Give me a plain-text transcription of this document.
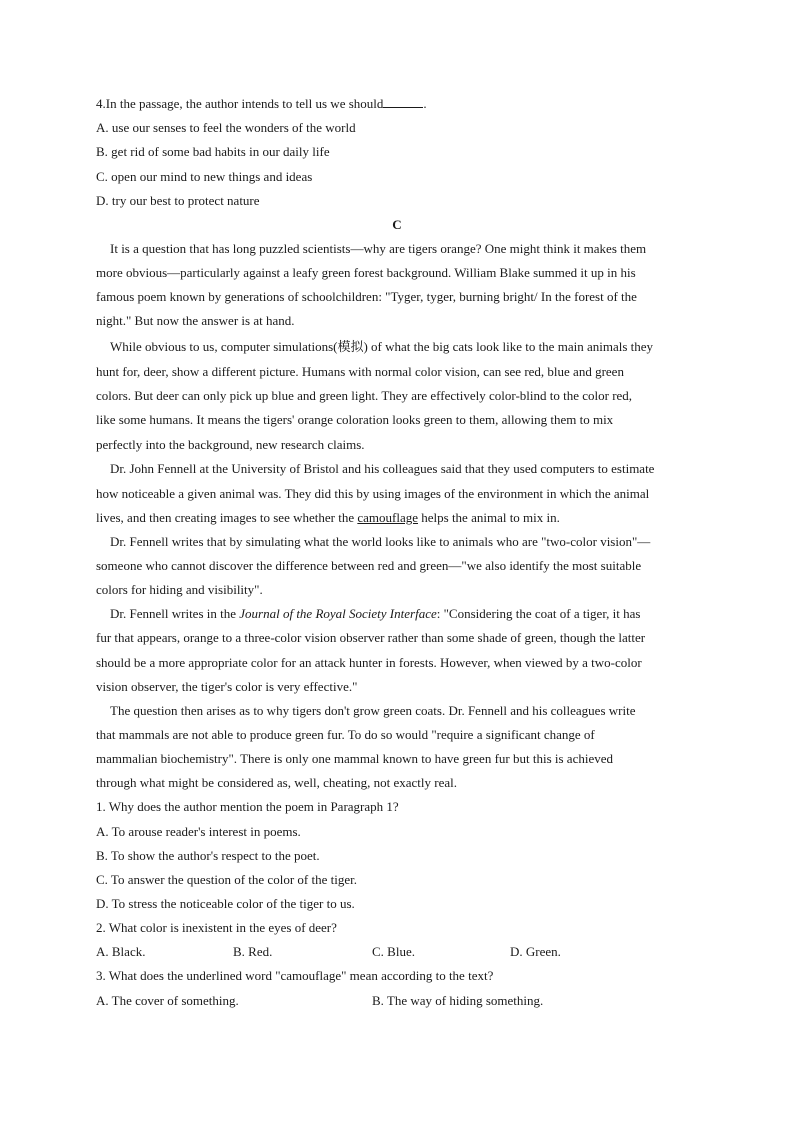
4.In the passage, the author intends to tell us we should	.
A. use our senses to feel the wonders of the world
B. get rid of some bad habits in our daily life
C. open our mind to new things and ideas
D. try our best to protect nature
C
It is a question that has long puzzled scientists—why are tigers orange? One might think it makes them
more obvious—particularly against a leafy green forest background. William Blake summed it up in his
famous poem known by generations of schoolchildren: "Tyger, tyger, burning bright/ In the forest of the
night." But now the answer is at hand.
While obvious to us, computer simulations(模拟) of what the big cats look like to the main animals they
hunt for, deer, show a different picture. Humans with normal color vision, can see red, blue and green
colors. But deer can only pick up blue and green light. They are effectively color-blind to the color red,
like some humans. It means the tigers' orange coloration looks green to them, allowing them to mix
perfectly into the background, new research claims.
Dr. John Fennell at the University of Bristol and his colleagues said that they used computers to estimate
how noticeable a given animal was. They did this by using images of the environment in which the animal
lives, and then creating images to see whether the camouflage helps the animal to mix in.
Dr. Fennell writes that by simulating what the world looks like to animals who are "two-color vision"—
someone who cannot discover the difference between red and green—"we also identify the most suitable
colors for hiding and visibility".
Dr. Fennell writes in the Journal of the Royal Society Interface: "Considering the coat of a tiger, it has
fur that appears, orange to a three-color vision observer rather than some shade of green, though the latter
should be a more appropriate color for an attack hunter in forests. However, when viewed by a two-color
vision observer, the tiger's color is very effective."
The question then arises as to why tigers don't grow green coats. Dr. Fennell and his colleagues write
that mammals are not able to produce green fur. To do so would "require a significant change of
mammalian biochemistry". There is only one mammal known to have green fur but this is achieved
through what might be considered as, well, cheating, not exactly real.
1. Why does the author mention the poem in Paragraph 1?
A. To arouse reader's interest in poems.
B. To show the author's respect to the poet.
C. To answer the question of the color of the tiger.
D. To stress the noticeable color of the tiger to us.
2. What color is inexistent in the eyes of deer?
A. Black.	B. Red.	C. Blue.	D. Green.
3. What does the underlined word "camouflage" mean according to the text?
A. The cover of something.	B. The way of hiding something.
